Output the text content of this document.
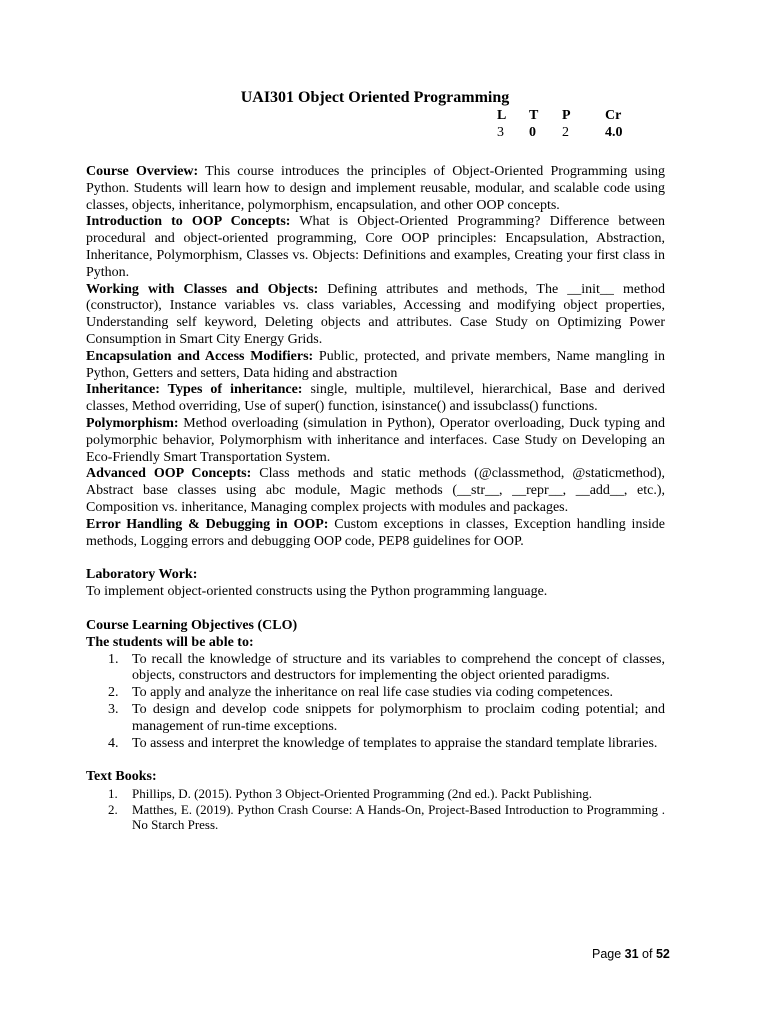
UAI301 Object Oriented Programming
L	T	P	Cr
3	0	2	4.0

Course Overview: This course introduces the principles of Object-Oriented Programming using Python. Students will learn how to design and implement reusable, modular, and scalable code using classes, objects, inheritance, polymorphism, encapsulation, and other OOP concepts.

Introduction to OOP Concepts: What is Object-Oriented Programming? Difference between procedural and object-oriented programming, Core OOP principles: Encapsulation, Abstraction, Inheritance, Polymorphism, Classes vs. Objects: Definitions and examples, Creating your first class in Python.

Working with Classes and Objects: Defining attributes and methods, The __init__ method (constructor), Instance variables vs. class variables, Accessing and modifying object properties, Understanding self keyword, Deleting objects and attributes. Case Study on Optimizing Power Consumption in Smart City Energy Grids.

Encapsulation and Access Modifiers: Public, protected, and private members, Name mangling in Python, Getters and setters, Data hiding and abstraction

Inheritance: Types of inheritance: single, multiple, multilevel, hierarchical, Base and derived classes, Method overriding, Use of super() function, isinstance() and issubclass() functions.

Polymorphism: Method overloading (simulation in Python), Operator overloading, Duck typing and polymorphic behavior, Polymorphism with inheritance and interfaces. Case Study on Developing an Eco-Friendly Smart Transportation System.

Advanced OOP Concepts: Class methods and static methods (@classmethod, @staticmethod), Abstract base classes using abc module, Magic methods (__str__, __repr__, __add__, etc.), Composition vs. inheritance, Managing complex projects with modules and packages.

Error Handling & Debugging in OOP: Custom exceptions in classes, Exception handling inside methods, Logging errors and debugging OOP code, PEP8 guidelines for OOP.

Laboratory Work:

To implement object-oriented constructs using the Python programming language.

Course Learning Objectives (CLO)

The students will be able to:

1. To recall the knowledge of structure and its variables to comprehend the concept of classes, objects, constructors and destructors for implementing the object oriented paradigms.
2. To apply and analyze the inheritance on real life case studies via coding competences.
3. To design and develop code snippets for polymorphism to proclaim coding potential; and management of run-time exceptions.
4. To assess and interpret the knowledge of templates to appraise the standard template libraries.

Text Books:

1. Phillips, D. (2015). Python 3 Object-Oriented Programming (2nd ed.). Packt Publishing.
2. Matthes, E. (2019). Python Crash Course: A Hands-On, Project-Based Introduction to Programming . No Starch Press.
Page 31 of 52
